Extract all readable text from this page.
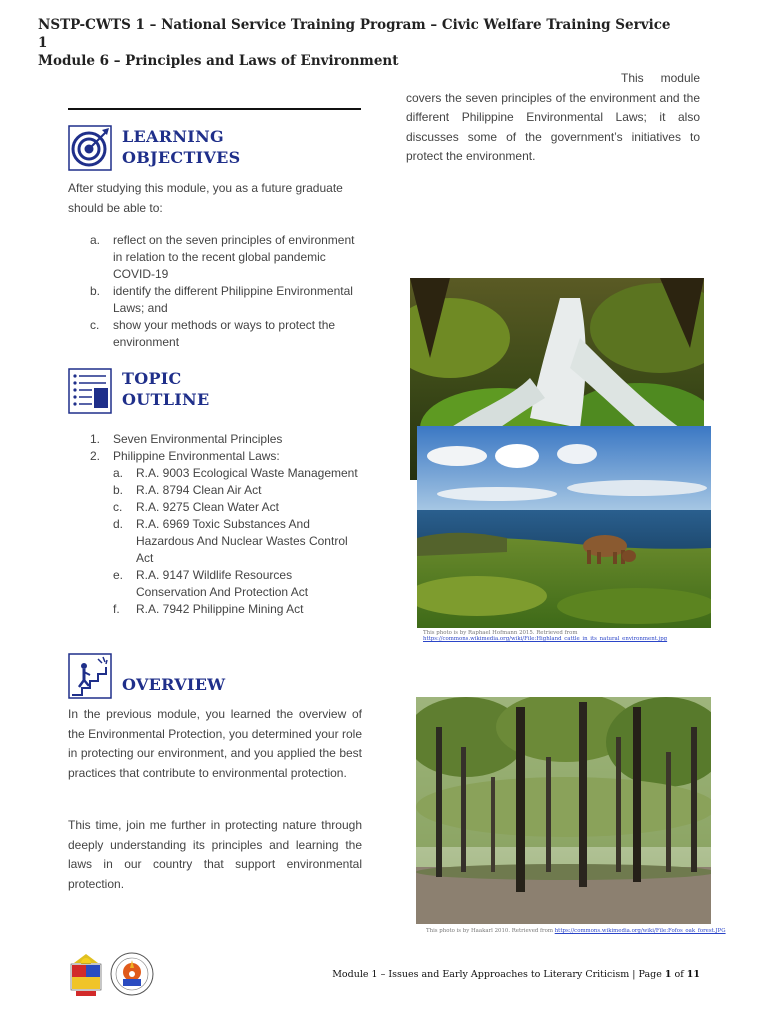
NSTP-CWTS 1 – National Service Training Program – Civic Welfare Training Service
1
Module 6 – Principles and Laws of Environment
This module covers the seven principles of the environment and the different Philippine Environmental Laws; it also discusses some of the government’s initiatives to protect the environment.
LEARNING
OBJECTIVES
After studying this module, you as a future graduate should be able to:
a. reflect on the seven principles of environment in relation to the recent global pandemic COVID-19
b. identify the different Philippine Environmental Laws; and
c. show your methods or ways to protect the environment
TOPIC
OUTLINE
1. Seven Environmental Principles
2. Philippine Environmental Laws:
a. R.A. 9003 Ecological Waste Management
b. R.A. 8794 Clean Air Act
c. R.A. 9275 Clean Water Act
d. R.A. 6969 Toxic Substances And Hazardous And Nuclear Wastes Control Act
e. R.A. 9147 Wildlife Resources Conservation And Protection Act
f. R.A. 7942 Philippine Mining Act
OVERVIEW
In the previous module, you learned the overview of the Environmental Protection, you determined your role in protecting our environment, and you applied the best practices that contribute to environmental protection.
This time, join me further in protecting nature through deeply understanding its principles and learning the laws in our country that support environmental protection.
This photo is by Raphael Hofmann 2015. Retrieved from
https://commons.wikimedia.org/wiki/File:Highland_cattle_in_its_natural_environment.jpg
This photo is by Haakarl 2010. Retrieved from https://commons.wikimedia.org/wiki/File:Fofos_oak_forest.JPG
Module 1 – Issues and Early Approaches to Literary Criticism | Page 1 of 11
